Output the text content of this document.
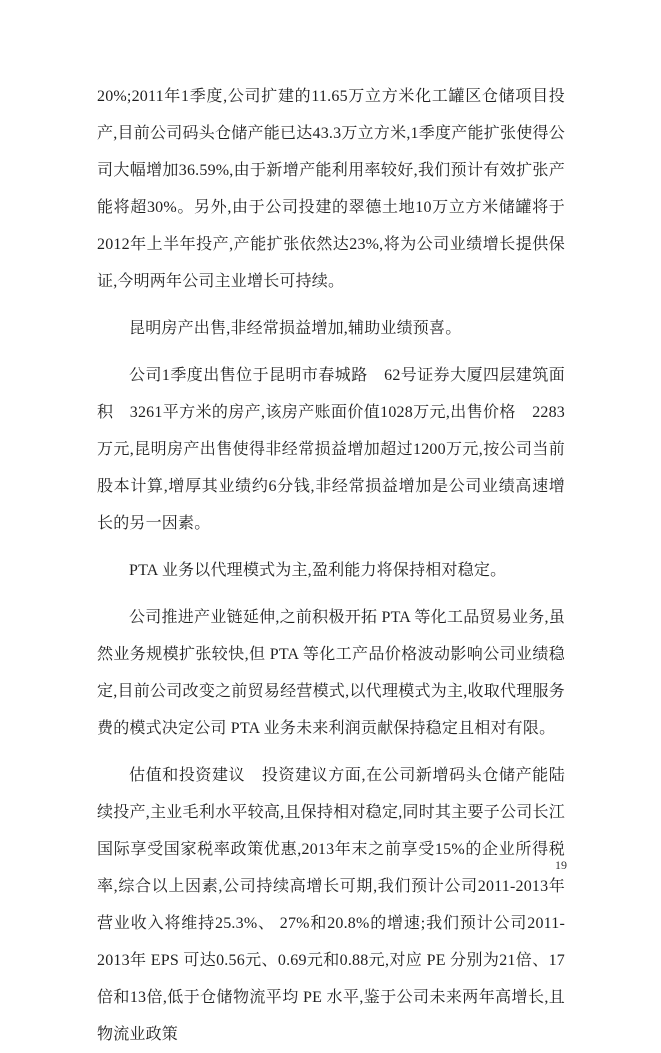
20%;2011年1季度,公司扩建的11.65万立方米化工罐区仓储项目投产,目前公司码头仓储产能已达43.3万立方米,1季度产能扩张使得公司大幅增加36.59%,由于新增产能利用率较好,我们预计有效扩张产能将超30%。另外,由于公司投建的翠德土地10万立方米储罐将于2012年上半年投产,产能扩张依然达23%,将为公司业绩增长提供保证,今明两年公司主业增长可持续。

昆明房产出售,非经常损益增加,辅助业绩预喜。

公司1季度出售位于昆明市春城路　62号证券大厦四层建筑面积　3261平方米的房产,该房产账面价值1028万元,出售价格　2283万元,昆明房产出售使得非经常损益增加超过1200万元,按公司当前股本计算,增厚其业绩约6分钱,非经常损益增加是公司业绩高速增长的另一因素。

PTA 业务以代理模式为主,盈利能力将保持相对稳定。

公司推进产业链延伸,之前积极开拓 PTA 等化工品贸易业务,虽然业务规模扩张较快,但 PTA 等化工产品价格波动影响公司业绩稳定,目前公司改变之前贸易经营模式,以代理模式为主,收取代理服务费的模式决定公司 PTA 业务未来利润贡献保持稳定且相对有限。

估值和投资建议　投资建议方面,在公司新增码头仓储产能陆续投产,主业毛利水平较高,且保持相对稳定,同时其主要子公司长江国际享受国家税率政策优惠,2013年末之前享受15%的企业所得税率,综合以上因素,公司持续高增长可期,我们预计公司2011-2013年营业收入将维持25.3%、 27%和20.8%的增速;我们预计公司2011-2013年 EPS 可达0.56元、0.69元和0.88元,对应 PE 分别为21倍、17倍和13倍,低于仓储物流平均 PE 水平,鉴于公司未来两年高增长,且物流业政策

19
